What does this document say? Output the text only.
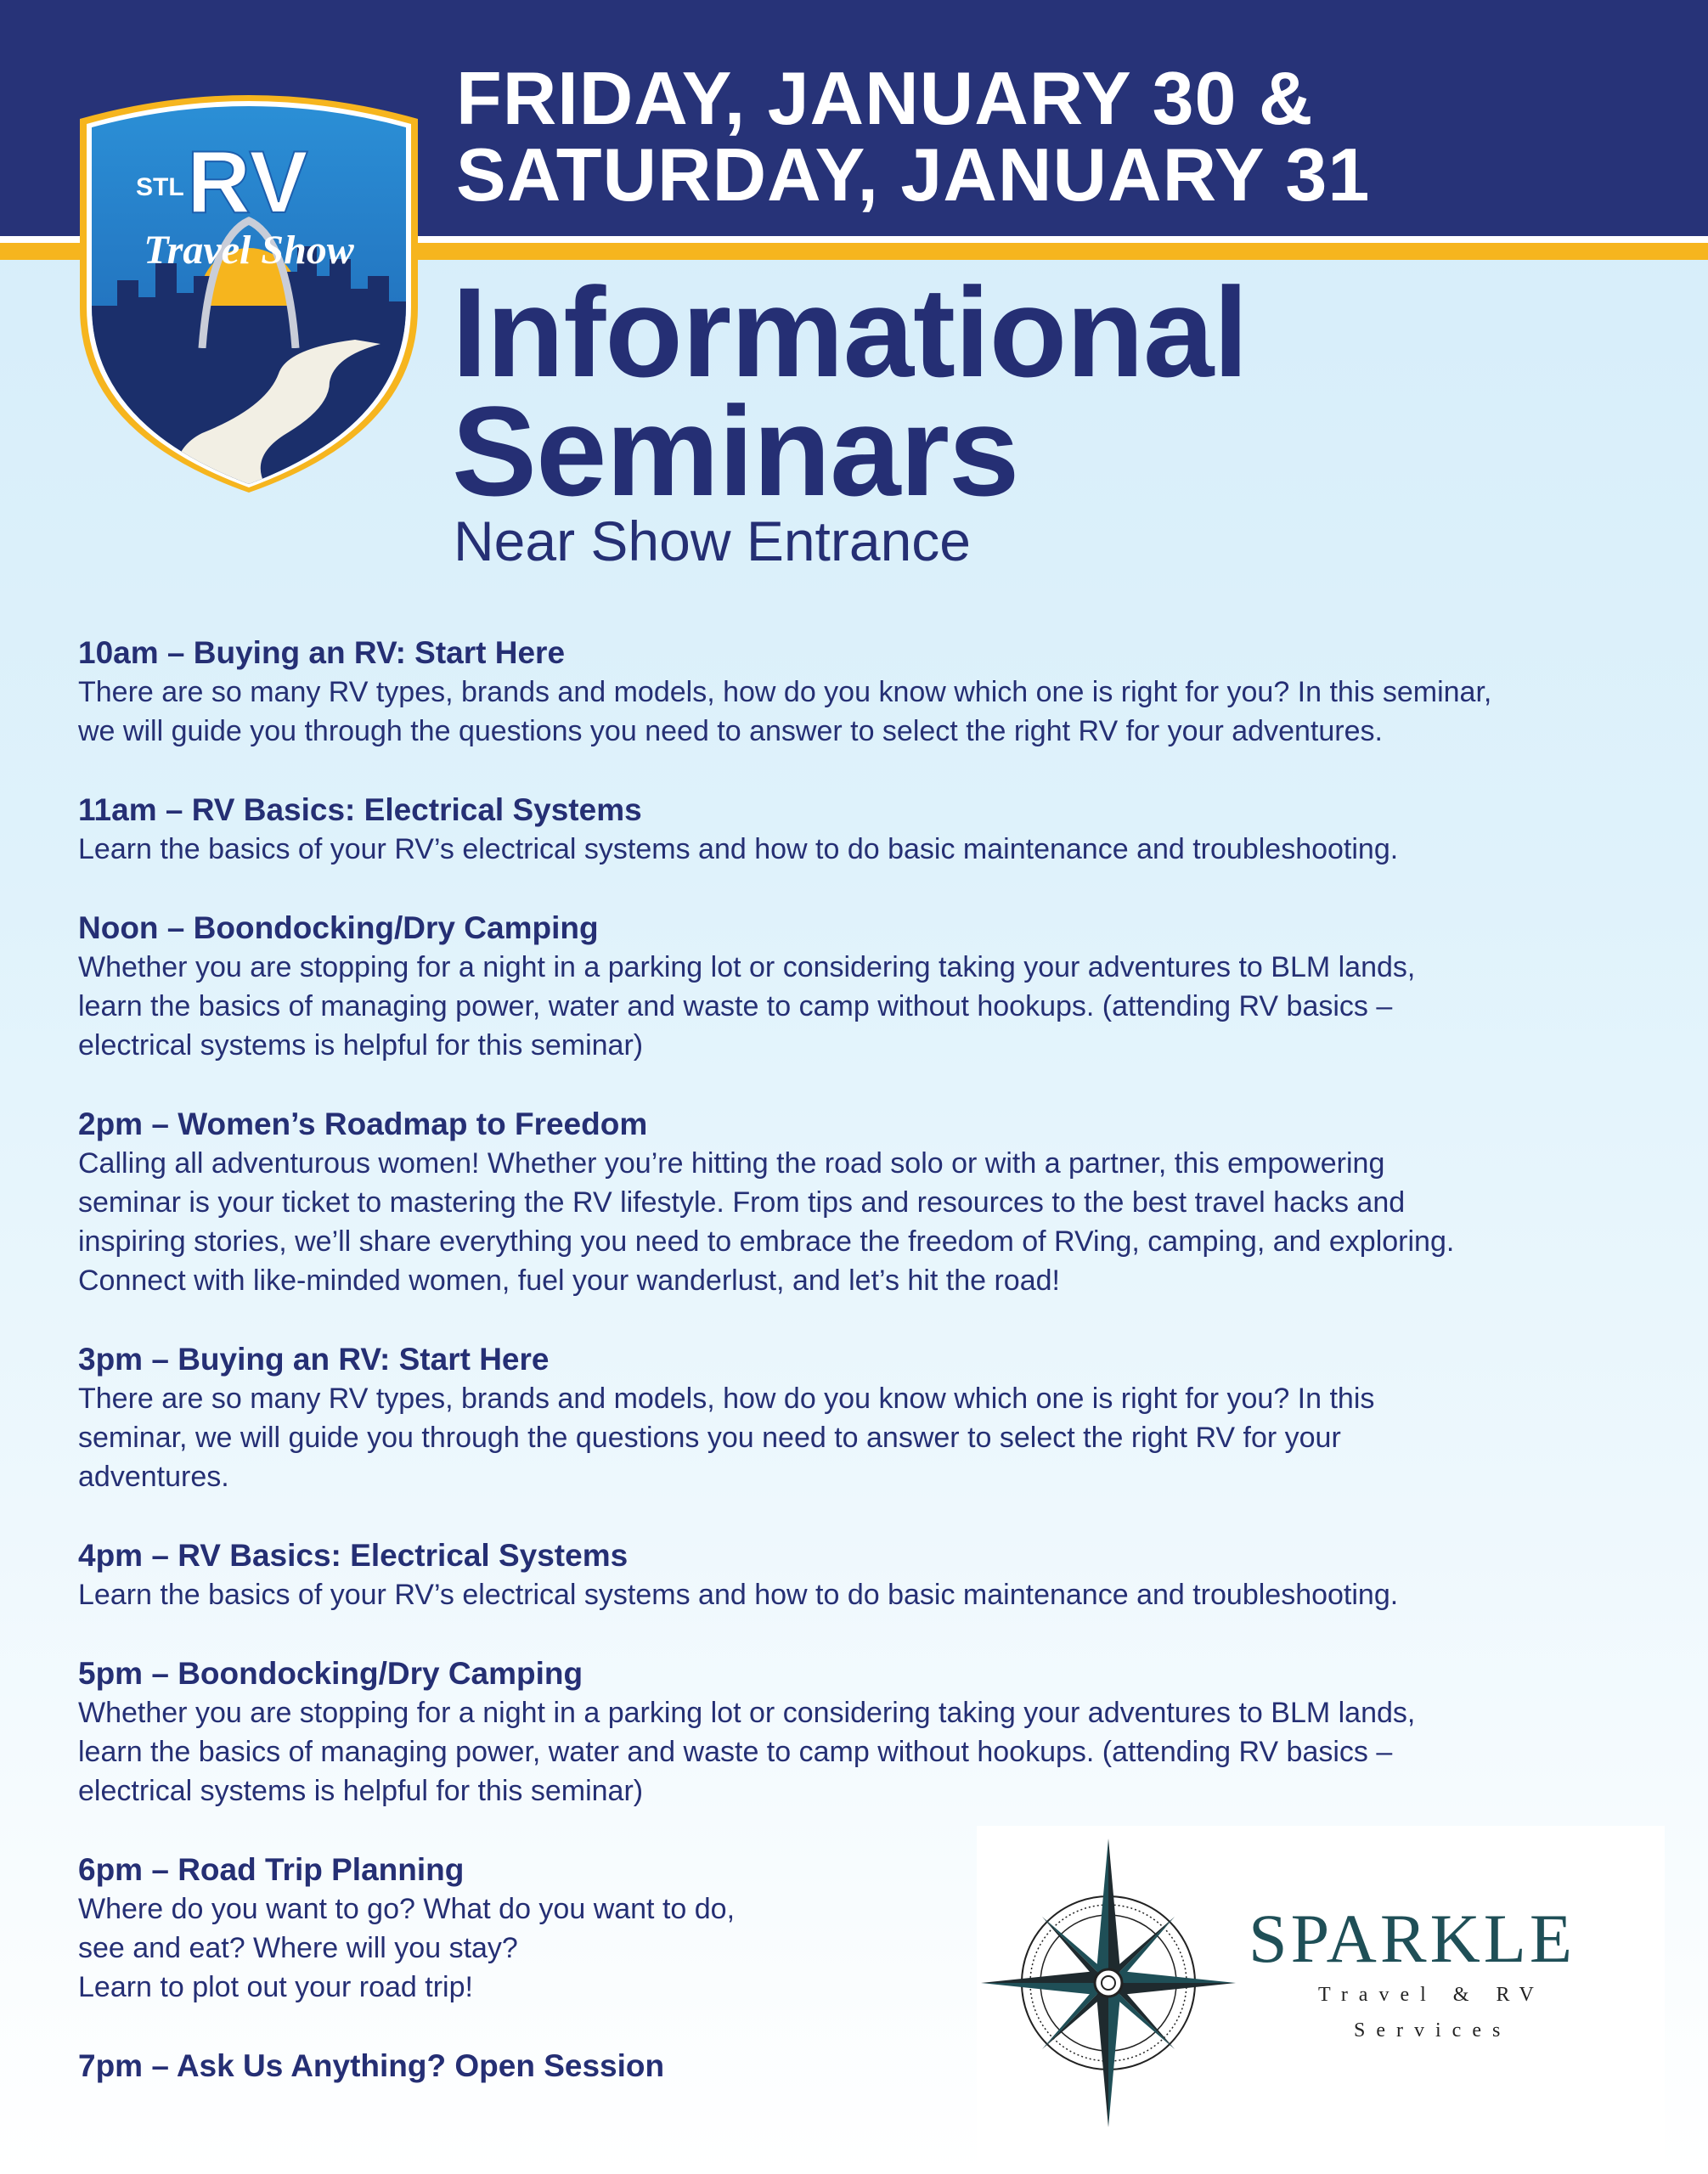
FRIDAY, JANUARY 30 &
SATURDAY, JANUARY 31
STL RV
Travel Show
Informational
Seminars
Near Show Entrance
10am – Buying an RV: Start Here
There are so many RV types, brands and models, how do you know which one is right for you? In this seminar,
we will guide you through the questions you need to answer to select the right RV for your adventures.
11am – RV Basics: Electrical Systems
Learn the basics of your RV’s electrical systems and how to do basic maintenance and troubleshooting.
Noon – Boondocking/Dry Camping
Whether you are stopping for a night in a parking lot or considering taking your adventures to BLM lands,
learn the basics of managing power, water and waste to camp without hookups. (attending RV basics –
electrical systems is helpful for this seminar)
2pm – Women’s Roadmap to Freedom
Calling all adventurous women! Whether you’re hitting the road solo or with a partner, this empowering
seminar is your ticket to mastering the RV lifestyle. From tips and resources to the best travel hacks and
inspiring stories, we’ll share everything you need to embrace the freedom of RVing, camping, and exploring.
Connect with like-minded women, fuel your wanderlust, and let’s hit the road!
3pm – Buying an RV: Start Here
There are so many RV types, brands and models, how do you know which one is right for you? In this
seminar, we will guide you through the questions you need to answer to select the right RV for your
adventures.
4pm – RV Basics: Electrical Systems
Learn the basics of your RV’s electrical systems and how to do basic maintenance and troubleshooting.
5pm – Boondocking/Dry Camping
Whether you are stopping for a night in a parking lot or considering taking your adventures to BLM lands,
learn the basics of managing power, water and waste to camp without hookups. (attending RV basics –
electrical systems is helpful for this seminar)
6pm – Road Trip Planning
Where do you want to go? What do you want to do,
see and eat? Where will you stay?
Learn to plot out your road trip!
7pm – Ask Us Anything? Open Session
SPARKLE
Travel & RV
Services
